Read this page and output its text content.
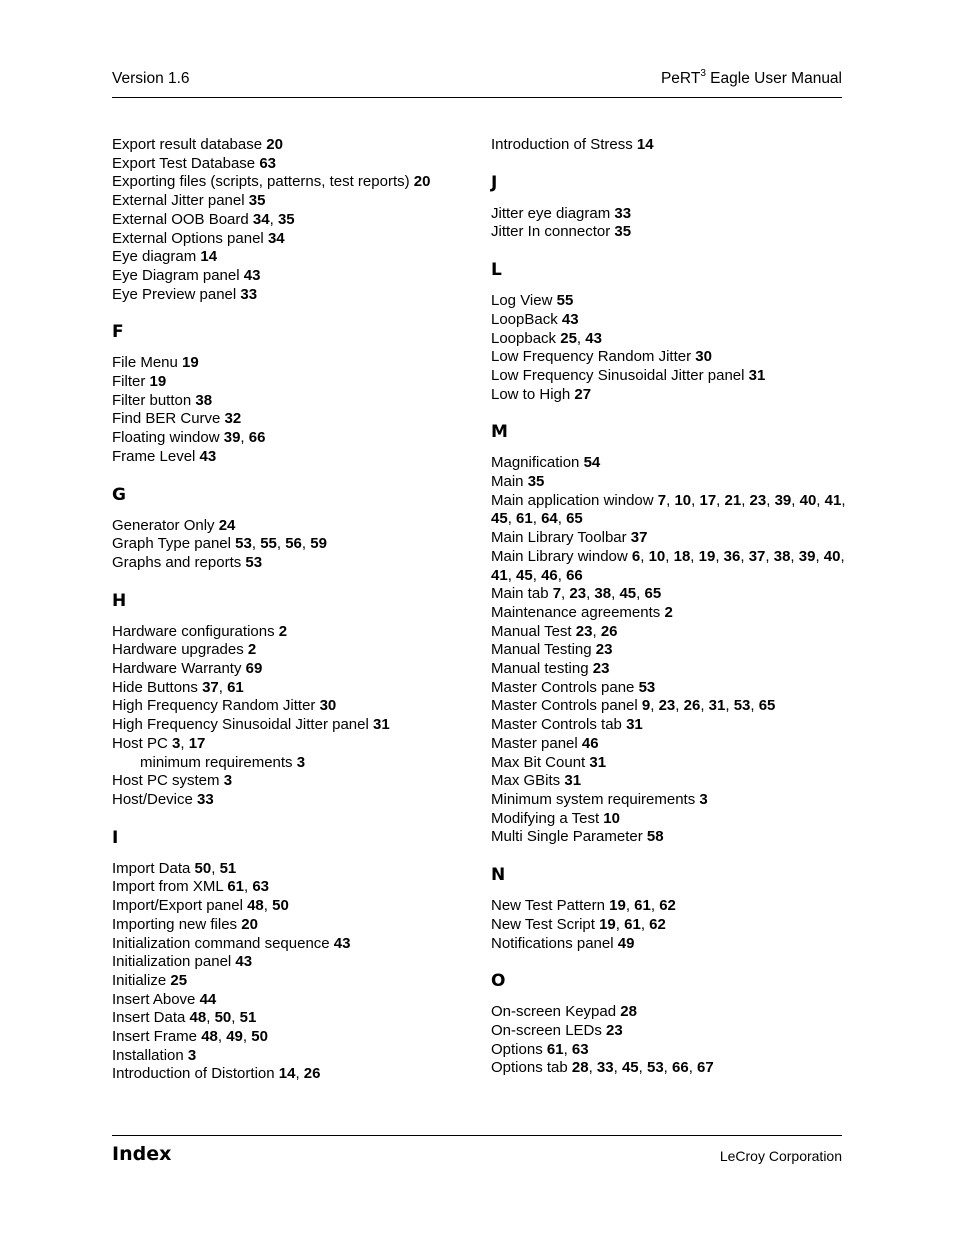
Version 1.6	PeRT$^3$ Eagle User Manual
Export result database 20
Export Test Database 63
Exporting files (scripts, patterns, test reports) 20
External Jitter panel 35
External OOB Board 34, 35
External Options panel 34
Eye diagram 14
Eye Diagram panel 43
Eye Preview panel 33
F
File Menu 19
Filter 19
Filter button 38
Find BER Curve 32
Floating window 39, 66
Frame Level 43
G
Generator Only 24
Graph Type panel 53, 55, 56, 59
Graphs and reports 53
H
Hardware configurations 2
Hardware upgrades 2
Hardware Warranty 69
Hide Buttons 37, 61
High Frequency Random Jitter 30
High Frequency Sinusoidal Jitter panel 31
Host PC 3, 17
minimum requirements 3
Host PC system 3
Host/Device 33
I
Import Data 50, 51
Import from XML 61, 63
Import/Export panel 48, 50
Importing new files 20
Initialization command sequence 43
Initialization panel 43
Initialize 25
Insert Above 44
Insert Data 48, 50, 51
Insert Frame 48, 49, 50
Installation 3
Introduction of Distortion 14, 26
Introduction of Stress 14
J
Jitter eye diagram 33
Jitter In connector 35
L
Log View 55
LoopBack 43
Loopback 25, 43
Low Frequency Random Jitter 30
Low Frequency Sinusoidal Jitter panel 31
Low to High 27
M
Magnification 54
Main 35
Main application window 7, 10, 17, 21, 23, 39, 40, 41, 45, 61, 64, 65
Main Library Toolbar 37
Main Library window 6, 10, 18, 19, 36, 37, 38, 39, 40, 41, 45, 46, 66
Main tab 7, 23, 38, 45, 65
Maintenance agreements 2
Manual Test 23, 26
Manual Testing 23
Manual testing 23
Master Controls pane 53
Master Controls panel 9, 23, 26, 31, 53, 65
Master Controls tab 31
Master panel 46
Max Bit Count 31
Max GBits 31
Minimum system requirements 3
Modifying a Test 10
Multi Single Parameter 58
N
New Test Pattern 19, 61, 62
New Test Script 19, 61, 62
Notifications panel 49
O
On-screen Keypad 28
On-screen LEDs 23
Options 61, 63
Options tab 28, 33, 45, 53, 66, 67
Index	LeCroy Corporation
